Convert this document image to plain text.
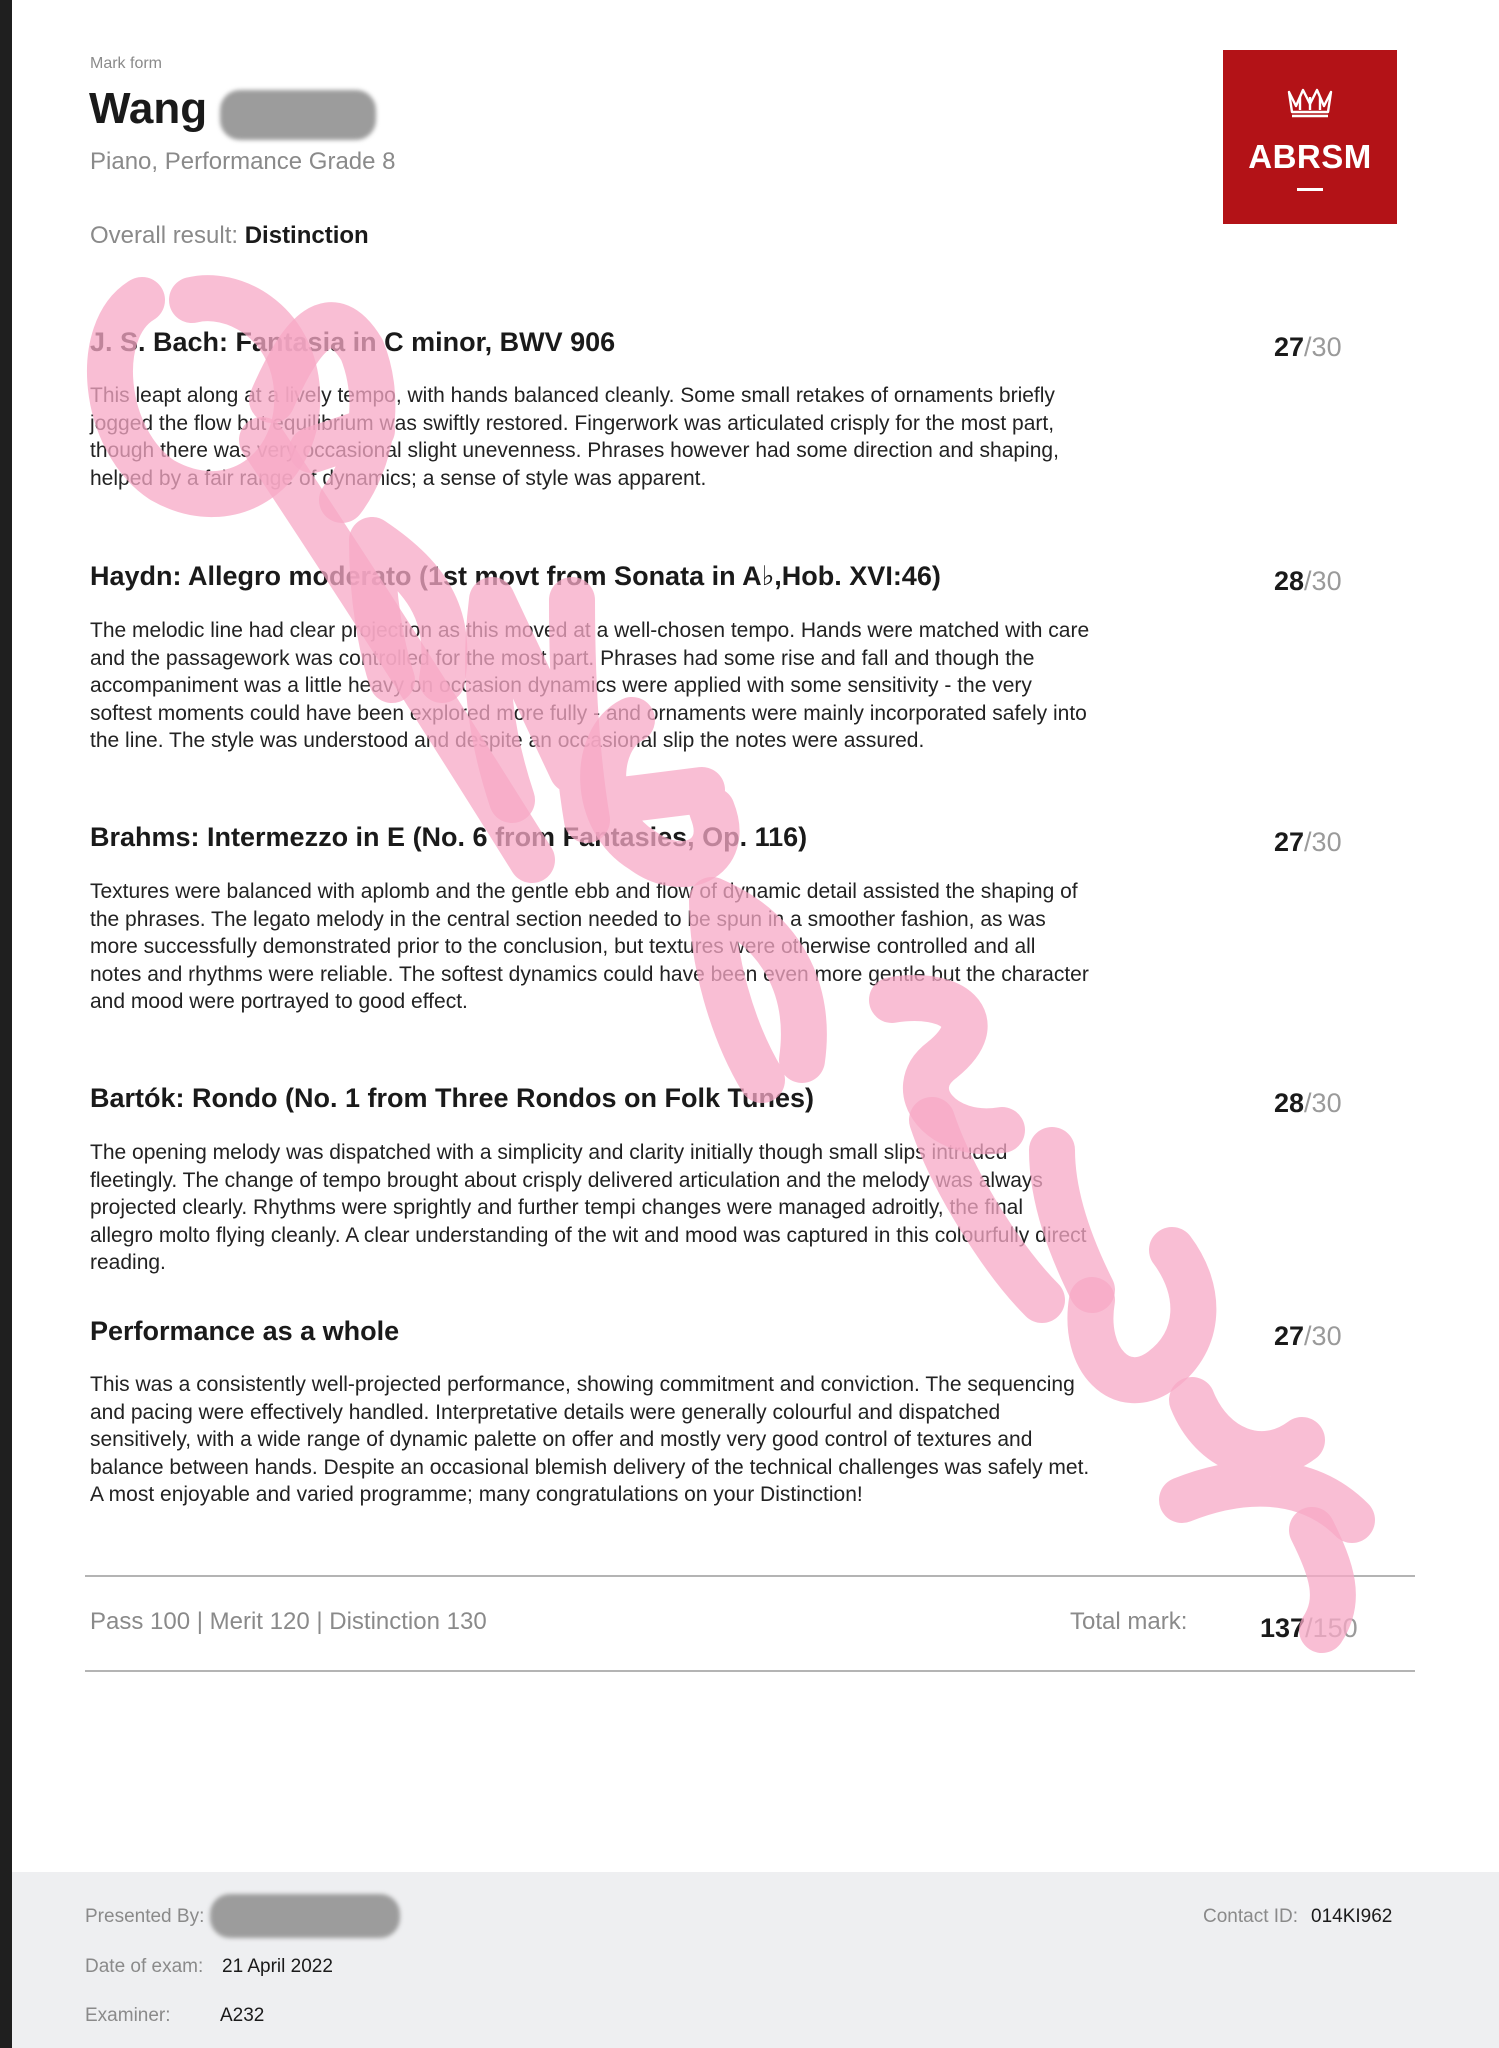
Mark form
Wang
Piano, Performance Grade 8
Overall result: Distinction
ABRSM
J. S. Bach: Fantasia in C minor, BWV 906	27/30
This leapt along at a lively tempo, with hands balanced cleanly. Some small retakes of ornaments briefly jogged the flow but equilibrium was swiftly restored. Fingerwork was articulated crisply for the most part, though there was very occasional slight unevenness. Phrases however had some direction and shaping, helped by a fair range of dynamics; a sense of style was apparent.
Haydn: Allegro moderato (1st movt from Sonata in A♭,Hob. XVI:46)	28/30
The melodic line had clear projection as this moved at a well-chosen tempo. Hands were matched with care and the passagework was controlled for the most part. Phrases had some rise and fall and though the accompaniment was a little heavy on occasion dynamics were applied with some sensitivity - the very softest moments could have been explored more fully - and ornaments were mainly incorporated safely into the line. The style was understood and despite an occasional slip the notes were assured.
Brahms: Intermezzo in E (No. 6 from Fantasies, Op. 116)	27/30
Textures were balanced with aplomb and the gentle ebb and flow of dynamic detail assisted the shaping of the phrases. The legato melody in the central section needed to be spun in a smoother fashion, as was more successfully demonstrated prior to the conclusion, but textures were otherwise controlled and all notes and rhythms were reliable. The softest dynamics could have been even more gentle but the character and mood were portrayed to good effect.
Bartók: Rondo (No. 1 from Three Rondos on Folk Tunes)	28/30
The opening melody was dispatched with a simplicity and clarity initially though small slips intruded fleetingly. The change of tempo brought about crisply delivered articulation and the melody was always projected clearly. Rhythms were sprightly and further tempi changes were managed adroitly, the final allegro molto flying cleanly. A clear understanding of the wit and mood was captured in this colourfully direct reading.
Performance as a whole	27/30
This was a consistently well-projected performance, showing commitment and conviction. The sequencing and pacing were effectively handled. Interpretative details were generally colourful and dispatched sensitively, with a wide range of dynamic palette on offer and mostly very good control of textures and balance between hands. Despite an occasional blemish delivery of the technical challenges was safely met. A most enjoyable and varied programme; many congratulations on your Distinction!
Pass 100 | Merit 120 | Distinction 130	Total mark:	137/150
Presented By:	Contact ID: 014KI962
Date of exam: 21 April 2022
Examiner:	A232
